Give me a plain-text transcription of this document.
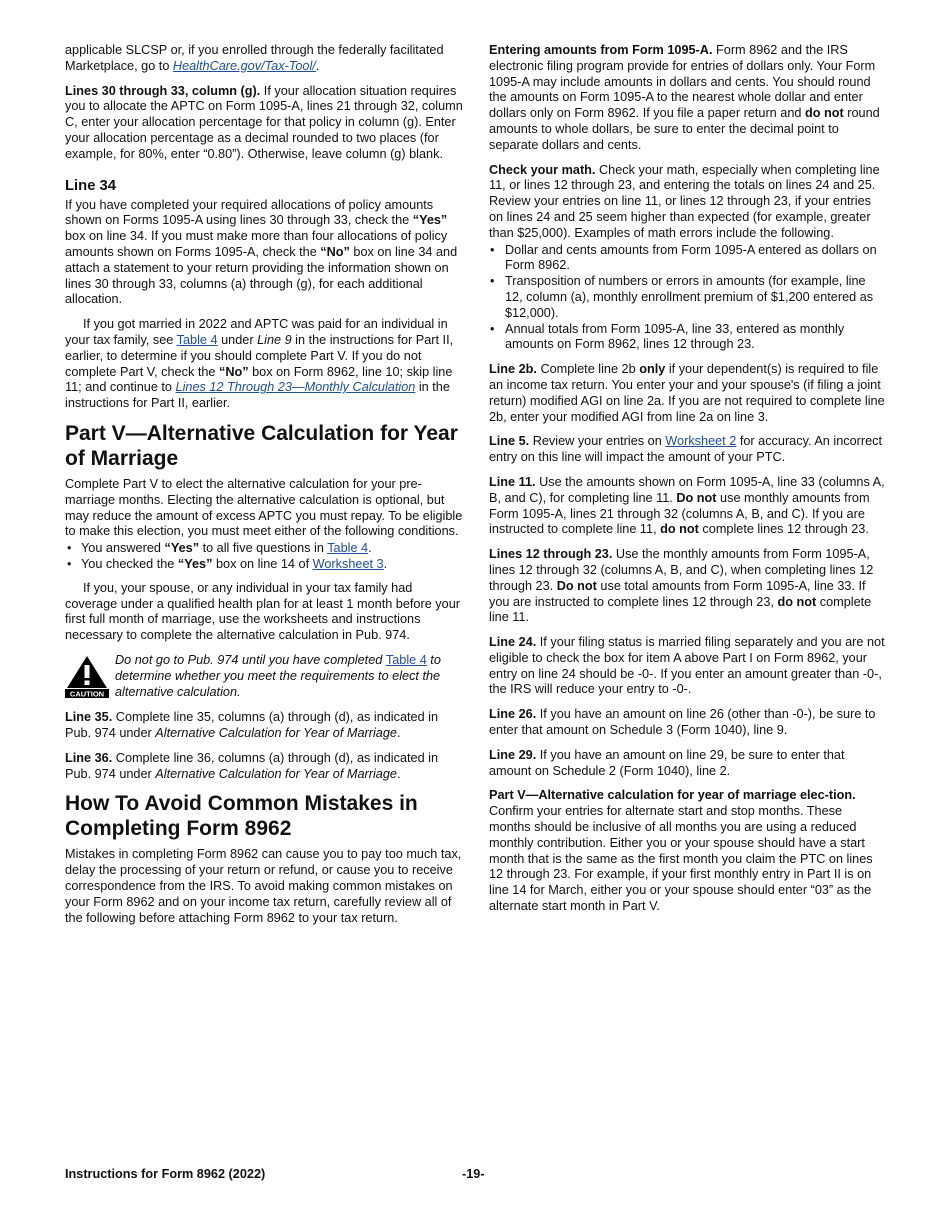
applicable SLCSP or, if you enrolled through the federally facilitated Marketplace, go to HealthCare.gov/Tax-Tool/.

Lines 30 through 33, column (g). If your allocation situation requires you to allocate the APTC on Form 1095-A, lines 21 through 32, column C, enter your allocation percentage for that policy in column (g). Enter your allocation percentage as a decimal rounded to two places (for example, for 80%, enter “0.80”). Otherwise, leave column (g) blank.

Line 34

If you have completed your required allocations of policy amounts shown on Forms 1095-A using lines 30 through 33, check the “Yes” box on line 34. If you must make more than four allocations of policy amounts shown on Forms 1095-A, check the “No” box on line 34 and attach a statement to your return providing the information shown on lines 30 through 33, columns (a) through (g), for each additional allocation.

If you got married in 2022 and APTC was paid for an individual in your tax family, see Table 4 under Line 9 in the instructions for Part II, earlier, to determine if you should complete Part V. If you do not complete Part V, check the “No” box on Form 8962, line 10; skip line 11; and continue to Lines 12 Through 23—Monthly Calculation in the instructions for Part II, earlier.

Part V—Alternative Calculation for Year of Marriage

Complete Part V to elect the alternative calculation for your pre-marriage months. Electing the alternative calculation is optional, but may reduce the amount of excess APTC you must repay. To be eligible to make this election, you must meet either of the following conditions.

• You answered “Yes” to all five questions in Table 4.
• You checked the “Yes” box on line 14 of Worksheet 3.

If you, your spouse, or any individual in your tax family had coverage under a qualified health plan for at least 1 month before your first full month of marriage, use the worksheets and instructions necessary to complete the alternative calculation in Pub. 974.

CAUTION
Do not go to Pub. 974 until you have completed Table 4 to determine whether you meet the requirements to elect the alternative calculation.

Line 35. Complete line 35, columns (a) through (d), as indicated in Pub. 974 under Alternative Calculation for Year of Marriage.

Line 36. Complete line 36, columns (a) through (d), as indicated in Pub. 974 under Alternative Calculation for Year of Marriage.

How To Avoid Common Mistakes in Completing Form 8962

Mistakes in completing Form 8962 can cause you to pay too much tax, delay the processing of your return or refund, or cause you to receive correspondence from the IRS. To avoid making common mistakes on your Form 8962 and on your income tax return, carefully review all of the following before attaching Form 8962 to your tax return.

Entering amounts from Form 1095-A. Form 8962 and the IRS electronic filing program provide for entries of dollars only. Your Form 1095-A may include amounts in dollars and cents. You should round the amounts on Form 1095-A to the nearest whole dollar and enter dollars only on Form 8962. If you file a paper return and do not round amounts to whole dollars, be sure to enter the decimal point to separate dollars and cents.

Check your math. Check your math, especially when completing line 11, or lines 12 through 23, and entering the totals on lines 24 and 25. Review your entries on line 11, or lines 12 through 23, if your entries on lines 24 and 25 seem higher than expected (for example, greater than $25,000). Examples of math errors include the following.

• Dollar and cents amounts from Form 1095-A entered as dollars on Form 8962.
• Transposition of numbers or errors in amounts (for example, line 12, column (a), monthly enrollment premium of $1,200 entered as $12,000).
• Annual totals from Form 1095-A, line 33, entered as monthly amounts on Form 8962, lines 12 through 23.

Line 2b. Complete line 2b only if your dependent(s) is required to file an income tax return. You enter your and your spouse's (if filing a joint return) modified AGI on line 2a. If you are not required to complete line 2b, enter your modified AGI from line 2a on line 3.

Line 5. Review your entries on Worksheet 2 for accuracy. An incorrect entry on this line will impact the amount of your PTC.

Line 11. Use the amounts shown on Form 1095-A, line 33 (columns A, B, and C), for completing line 11. Do not use monthly amounts from Form 1095-A, lines 21 through 32 (columns A, B, and C). If you are instructed to complete line 11, do not complete lines 12 through 23.

Lines 12 through 23. Use the monthly amounts from Form 1095-A, lines 12 through 32 (columns A, B, and C), when completing lines 12 through 23. Do not use total amounts from Form 1095-A, line 33. If you are instructed to complete lines 12 through 23, do not complete line 11.

Line 24. If your filing status is married filing separately and you are not eligible to check the box for item A above Part I on Form 8962, your entry on line 24 should be -0-. If you enter an amount greater than -0-, the IRS will reduce your entry to -0-.

Line 26. If you have an amount on line 26 (other than -0-), be sure to enter that amount on Schedule 3 (Form 1040), line 9.

Line 29. If you have an amount on line 29, be sure to enter that amount on Schedule 2 (Form 1040), line 2.

Part V—Alternative calculation for year of marriage elec-tion. Confirm your entries for alternate start and stop months. These months should be inclusive of all months you are using a reduced monthly contribution. Either you or your spouse should have a start month that is the same as the first month you claim the PTC on lines 12 through 23. For example, if your first monthly entry in Part II is on line 14 for March, either you or your spouse should enter “03” as the alternate start month in Part V.

Instructions for Form 8962 (2022)	-19-
